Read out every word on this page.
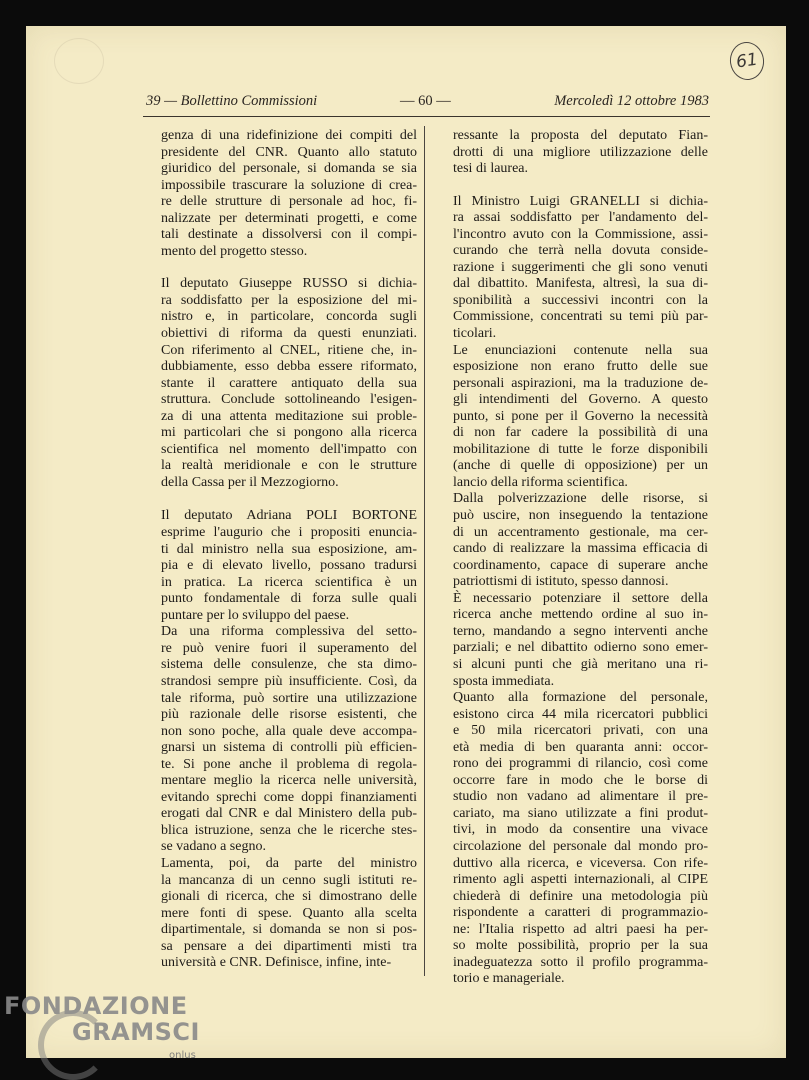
39 — Bollettino Commissioni	— 60 —	Mercoledì 12 ottobre 1983
61

genza di una ridefinizione dei compiti del
presidente del CNR. Quanto allo statuto
giuridico del personale, si domanda se sia
impossibile trascurare la soluzione di crea-
re delle strutture di personale ad hoc, fi-
nalizzate per determinati progetti, e come
tali destinate a dissolversi con il compi-
mento del progetto stesso.

Il deputato Giuseppe RUSSO si dichia-
ra soddisfatto per la esposizione del mi-
nistro e, in particolare, concorda sugli
obiettivi di riforma da questi enunziati.
Con riferimento al CNEL, ritiene che, in-
dubbiamente, esso debba essere riformato,
stante il carattere antiquato della sua
struttura. Conclude sottolineando l'esigen-
za di una attenta meditazione sui proble-
mi particolari che si pongono alla ricerca
scientifica nel momento dell'impatto con
la realtà meridionale e con le strutture
della Cassa per il Mezzogiorno.

Il deputato Adriana POLI BORTONE
esprime l'augurio che i propositi enuncia-
ti dal ministro nella sua esposizione, am-
pia e di elevato livello, possano tradursi
in pratica. La ricerca scientifica è un
punto fondamentale di forza sulle quali
puntare per lo sviluppo del paese.

Da una riforma complessiva del setto-
re può venire fuori il superamento del
sistema delle consulenze, che sta dimo-
strandosi sempre più insufficiente. Così, da
tale riforma, può sortire una utilizzazione
più razionale delle risorse esistenti, che
non sono poche, alla quale deve accompa-
gnarsi un sistema di controlli più efficien-
te. Si pone anche il problema di regola-
mentare meglio la ricerca nelle università,
evitando sprechi come doppi finanziamenti
erogati dal CNR e dal Ministero della pub-
blica istruzione, senza che le ricerche stes-
se vadano a segno.

Lamenta, poi, da parte del ministro
la mancanza di un cenno sugli istituti re-
gionali di ricerca, che si dimostrano delle
mere fonti di spese. Quanto alla scelta
dipartimentale, si domanda se non si pos-
sa pensare a dei dipartimenti misti tra
università e CNR. Definisce, infine, inte-

ressante la proposta del deputato Fian-
drotti di una migliore utilizzazione delle
tesi di laurea.

Il Ministro Luigi GRANELLI si dichia-
ra assai soddisfatto per l'andamento del-
l'incontro avuto con la Commissione, assi-
curando che terrà nella dovuta conside-
razione i suggerimenti che gli sono venuti
dal dibattito. Manifesta, altresì, la sua di-
sponibilità a successivi incontri con la
Commissione, concentrati su temi più par-
ticolari.

Le enunciazioni contenute nella sua
esposizione non erano frutto delle sue
personali aspirazioni, ma la traduzione de-
gli intendimenti del Governo. A questo
punto, si pone per il Governo la necessità
di non far cadere la possibilità di una
mobilitazione di tutte le forze disponibili
(anche di quelle di opposizione) per un
lancio della riforma scientifica.

Dalla polverizzazione delle risorse, si
può uscire, non inseguendo la tentazione
di un accentramento gestionale, ma cer-
cando di realizzare la massima efficacia di
coordinamento, capace di superare anche
patriottismi di istituto, spesso dannosi.

È necessario potenziare il settore della
ricerca anche mettendo ordine al suo in-
terno, mandando a segno interventi anche
parziali; e nel dibattito odierno sono emer-
si alcuni punti che già meritano una ri-
sposta immediata.

Quanto alla formazione del personale,
esistono circa 44 mila ricercatori pubblici
e 50 mila ricercatori privati, con una
età media di ben quaranta anni: occor-
rono dei programmi di rilancio, così come
occorre fare in modo che le borse di
studio non vadano ad alimentare il pre-
cariato, ma siano utilizzate a fini produt-
tivi, in modo da consentire una vivace
circolazione del personale dal mondo pro-
duttivo alla ricerca, e viceversa. Con rife-
rimento agli aspetti internazionali, al CIPE
chiederà di definire una metodologia più
rispondente a caratteri di programmazio-
ne: l'Italia rispetto ad altri paesi ha per-
so molte possibilità, proprio per la sua
inadeguatezza sotto il profilo programma-
torio e manageriale.

FONDAZIONE
GRAMSCI
onlus
